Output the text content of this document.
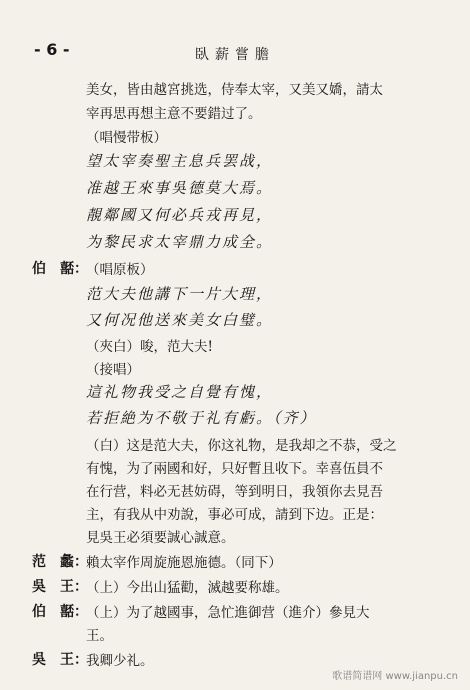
- 6 -	臥薪嘗膽
美女，皆由越宮挑选，侍奉太宰，又美又嬌，請太
宰再思再想主意不要錯过了。
（唱慢带板）
望太宰奏聖主息兵罢战，
准越王來事吳德莫大焉。
靚鄰國又何必兵戎再見，
为黎民求太宰鼎力成全。
伯　嚭：
（唱原板）
范大夫他講下一片大理，
又何况他送來美女白璧。
（夾白）唆，范大夫!
（接唱）
這礼物我受之自覺有愧，
若拒絶为不敬于礼有虧。（齐）
（白）这是范大夫，你这礼物，是我却之不恭，受之
有愧，为了兩國和好，只好暫且收下。幸喜伍員不
在行营，料必无甚妨碍，等到明日，我領你去見吾
主，有我从中劝說，事必可成，請到下边。正是：
見吳王必須要誠心誠意。
范　蠡：
賴太宰作周旋施恩施德。（同下）
吳　王：
（上）今出山猛勸，滅越要称雄。
伯　嚭：
（上）为了越國事，急忙進御营（進介）參見大
王。
吳　王：
我卿少礼。
歌谱简谱网 www.jianpu.cn
